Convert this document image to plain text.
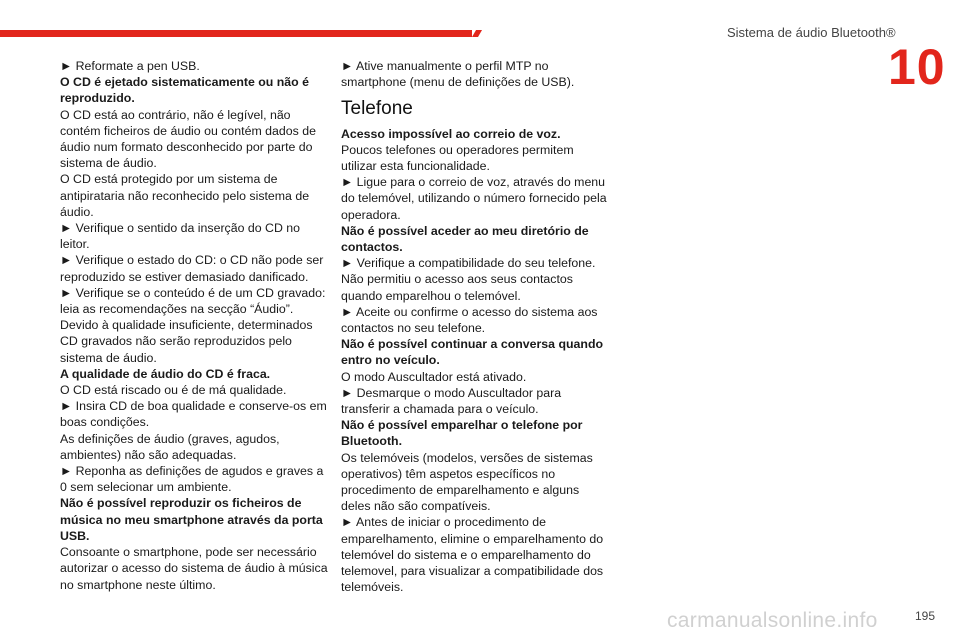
Sistema de áudio Bluetooth®
10

► Reformate a pen USB.

O CD é ejetado sistematicamente ou não é reproduzido.

O CD está ao contrário, não é legível, não contém ficheiros de áudio ou contém dados de áudio num formato desconhecido por parte do sistema de áudio.

O CD está protegido por um sistema de antipirataria não reconhecido pelo sistema de áudio.

► Verifique o sentido da inserção do CD no leitor.

► Verifique o estado do CD: o CD não pode ser reproduzido se estiver demasiado danificado.

► Verifique se o conteúdo é de um CD gravado: leia as recomendações na secção “Áudio”.

Devido à qualidade insuficiente, determinados CD gravados não serão reproduzidos pelo sistema de áudio.

A qualidade de áudio do CD é fraca.

O CD está riscado ou é de má qualidade.

► Insira CD de boa qualidade e conserve-os em boas condições.

As definições de áudio (graves, agudos, ambientes) não são adequadas.

► Reponha as definições de agudos e graves a 0 sem selecionar um ambiente.

Não é possível reproduzir os ficheiros de música no meu smartphone através da porta USB.

Consoante o smartphone, pode ser necessário autorizar o acesso do sistema de áudio à música no smartphone neste último.

► Ative manualmente o perfil MTP no smartphone (menu de definições de USB).

Telefone

Acesso impossível ao correio de voz.

Poucos telefones ou operadores permitem utilizar esta funcionalidade.

► Ligue para o correio de voz, através do menu do telemóvel, utilizando o número fornecido pela operadora.

Não é possível aceder ao meu diretório de contactos.

► Verifique a compatibilidade do seu telefone.

Não permitiu o acesso aos seus contactos quando emparelhou o telemóvel.

► Aceite ou confirme o acesso do sistema aos contactos no seu telefone.

Não é possível continuar a conversa quando entro no veículo.

O modo Auscultador está ativado.

► Desmarque o modo Auscultador para transferir a chamada para o veículo.

Não é possível emparelhar o telefone por Bluetooth.

Os telemóveis (modelos, versões de sistemas operativos) têm aspetos específicos no procedimento de emparelhamento e alguns deles não são compatíveis.

► Antes de iniciar o procedimento de emparelhamento, elimine o emparelhamento do telemóvel do sistema e o emparelhamento do telemovel, para visualizar a compatibilidade dos telemóveis.

carmanualsonline.info	195
